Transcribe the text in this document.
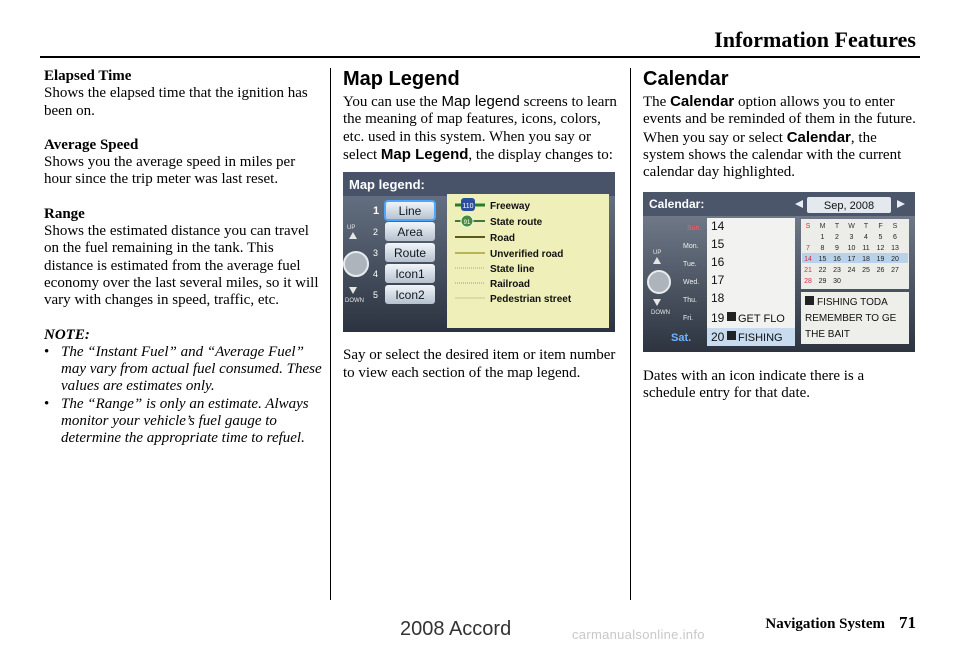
Information Features
Elapsed Time

Shows the elapsed time that the ignition has been on.

Average Speed

Shows you the average speed in miles per hour since the trip meter was last reset.

Range

Shows the estimated distance you can travel on the fuel remaining in the tank. This distance is estimated from the average fuel economy over the last several miles, so it will vary with changes in speed, traffic, etc.

NOTE:
• The “Instant Fuel” and “Average Fuel” may vary from actual fuel consumed. These values are estimates only.
• The “Range” is only an estimate. Always monitor your vehicle’s fuel gauge to determine the appropriate time to refuel.
Map Legend
You can use the Map legend screens to learn the meaning of map features, icons, colors, etc. used in this system. When you say or select Map Legend, the display changes to:
Map legend:
UP
DOWN
1
2
3
4
5
Line
Area
Route
Icon1
Icon2
110 Freeway
91 State route
Road
Unverified road
State line
Railroad
Pedestrian street
Say or select the desired item or item number to view each section of the map legend.
Calendar
The Calendar option allows you to enter events and be reminded of them in the future. When you say or select Calendar, the system shows the calendar with the current calendar day highlighted.
Calendar:	Sep, 2008
UP
DOWN
Sun.
Mon.
Tue.
Wed.
Thu.
Fri.
Sat.
14
15
16
17
18
19 GET FLO
20 FISHING
S M T W T F S
1 2 3 4 5 6
7 8 9 10 11 12 13
14 15 16 17 18 19 20
21 22 23 24 25 26 27
28 29 30
FISHING TODA
REMEMBER TO GE
THE BAIT
Dates with an icon indicate there is a schedule entry for that date.
Navigation System 71
2008 Accord	carmanualsonline.info
